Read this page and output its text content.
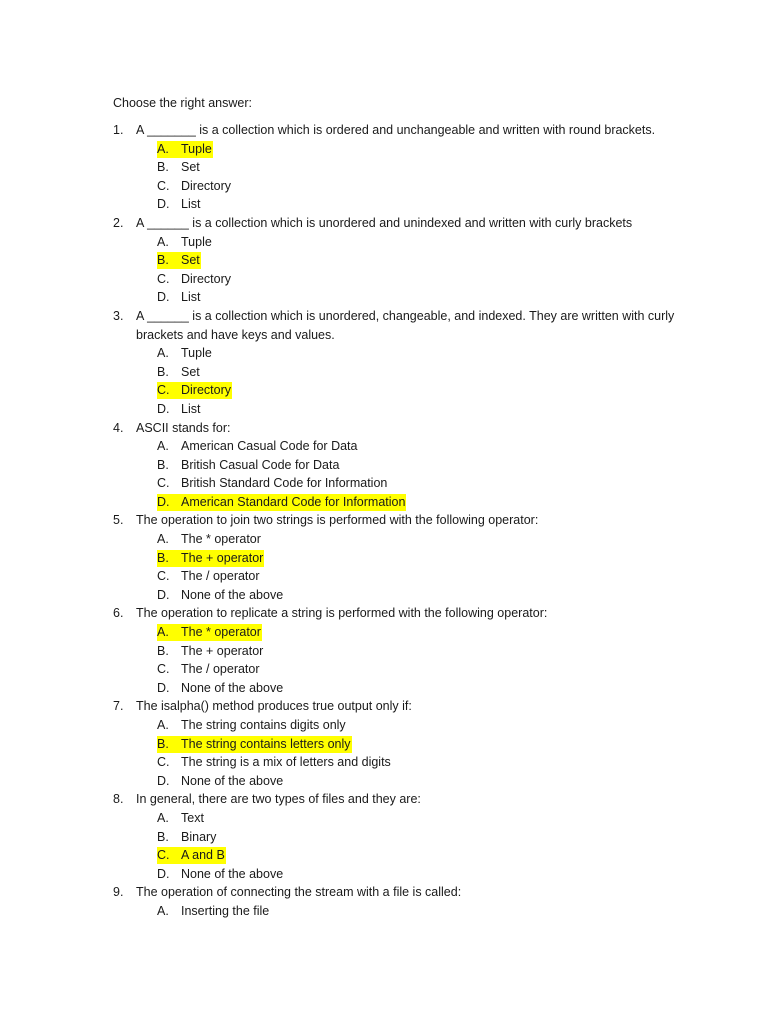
Choose the right answer:
1. A _______ is a collection which is ordered and unchangeable and written with round brackets.
A. Tuple
B. Set
C. Directory
D. List
2. A ______ is a collection which is unordered and unindexed and written with curly brackets
A. Tuple
B. Set
C. Directory
D. List
3. A ______ is a collection which is unordered, changeable, and indexed. They are written with curly brackets and have keys and values.
A. Tuple
B. Set
C. Directory
D. List
4. ASCII stands for:
A. American Casual Code for Data
B. British Casual Code for Data
C. British Standard Code for Information
D. American Standard Code for Information
5. The operation to join two strings is performed with the following operator:
A. The * operator
B. The + operator
C. The / operator
D. None of the above
6. The operation to replicate a string is performed with the following operator:
A. The * operator
B. The + operator
C. The / operator
D. None of the above
7. The isalpha() method produces true output only if:
A. The string contains digits only
B. The string contains letters only
C. The string is a mix of letters and digits
D. None of the above
8. In general, there are two types of files and they are:
A. Text
B. Binary
C. A and B
D. None of the above
9. The operation of connecting the stream with a file is called:
A. Inserting the file
